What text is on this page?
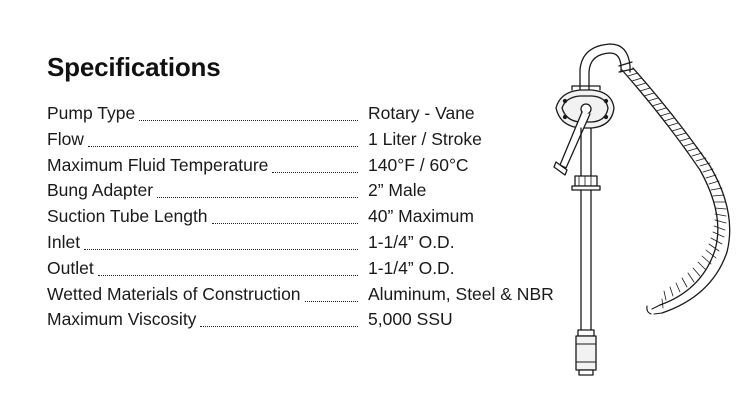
Specifications
Pump Type	Rotary - Vane
Flow	1 Liter / Stroke
Maximum Fluid Temperature	140°F / 60°C
Bung Adapter	2” Male
Suction Tube Length	40” Maximum
Inlet	1-1/4” O.D.
Outlet	1-1/4” O.D.
Wetted Materials of Construction	Aluminum, Steel & NBR
Maximum Viscosity	5,000 SSU
